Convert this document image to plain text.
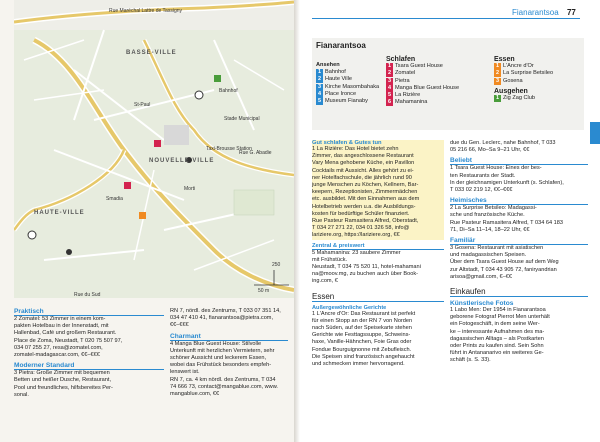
BASSE-VILLE
NOUVELLE VILLE
HAUTE-VILLE
St-Paul
Bahnhof
Stade Municipal
Rue du Sud
Rue Maréchal Lattre de Tassigny
Morti
Rue G. Abadie
Smadia
Taxi-Brousse Station
250
50 m
Praktisch
2 Zomatel: 53 Zimmer in einem kom-
pakten Hotelbau in der Innenstadt, mit
Hallenbad, Café und großem Restaurant.
Place de Zoma, Neustadt, T 020 75 507 97,
034 07 255 27, resa@zomatel.com,
zomatel-madagascar.com, €€–€€€
Moderner Standard
3 Pietra: Große Zimmer mit bequemen
Betten und heißer Dusche, Restaurant,
Pool und freundliches, hilfsbereites Per-
sonal.
RN 7, nördl. des Zentrums, T 033 07 351 14,
034 47 410 41, fianarantsoa@pietra.com,
€€–€€€
Charmant
4 Manga Blue Guest House: Stilvolle
Unterkunft mit herzlichen Vermietern, sehr
schöner Aussicht und leckerem Essen,
wobei das Frühstück besonders empfeh-
lenswert ist.
RN 7, ca. 4 km nördl. des Zentrums, T 034
74 666 73, contact@mangablue.com, www.
mangablue.com, €€
Fianarantsoa 77
Fianarantsoa
Ansehen
1 Bahnhof
2 Haute Ville
3 Kirche Masombahaka
4 Place Ironce
5 Museum Fianaby
Schlafen
1 Tsara Guest House
2 Zomatel
3 Pietra
4 Manga Blue Guest House
5 La Rizière
6 Mahamanina
Essen
1 L'Ancre d'Or
2 La Surprise Betsileo
3 Gosena
Ausgehen
1 Zig Zag Club
Gut schlafen & Gutes tun
1 La Rizière: Das Hotel bietet zehn
Zimmer, das angeschlossene Restaurant
Vary Mena gehobene Küche, ein Pavillon
Cocktails mit Aussicht. Alles gehört zu ei-
ner Hotelfachschule, die jährlich rund 90
junge Menschen zu Köchen, Kellnern, Bar-
keepern, Rezeptionisten, Zimmermädchen
etc. ausbildet. Mit den Einnahmen aus dem
Hotelbetrieb werden u.a. die Ausbildungs-
kosten für bedürftige Schüler finanziert.
Rue Pasteur Ramasitera Alfred, Oberstadt,
T 034 27 271 22, 034 01 326 58, info@
lariziere.org, https://lariziere.org, €€
Zentral & preiswert
5 Mahamanina: 23 saubere Zimmer
mit Frühstück.
Neustadt, T 034 75 520 11, hotel-mahamani
na@moov.mg, zu buchen auch über Book-
ing.com, €
Essen
Außergewöhnliche Gerichte
1 L'Ancre d'Or: Das Restaurant ist perfekt
für einen Stopp an der RN 7 von Norden
nach Süden, auf der Speisekarte stehen
Gerichte wie Festtagssuppe, Schweins-
haxe, Vanille-Hähnchen, Foie Gras oder
Fondue Bourguignonne mit Zebufleisch.
Die Speisen sind französisch angehaucht
und schmecken immer hervorragend.
due du Gen. Leclerc, nahe Bahnhof, T 033
05 216 66, Mo–Sa 9–21 Uhr, €€
Beliebt
1 Tsara Guest House: Eines der bes-
ten Restaurants der Stadt.
In der gleichnamigen Unterkunft (s. Schlafen),
T 033 02 219 12, €€–€€€
Heimisches
2 La Surprise Betsileo: Madagassi-
sche und französische Küche.
Rue Pasteur Ramasitera Alfred, T 034 64 183
71, Di–Sa 11–14, 18–22 Uhr, €€
Familiär
3 Gosena: Restaurant mit asiatischen
und madagassischen Speisen.
Über dem Tsara Guest House auf dem Weg
zur Altstadt, T 034 43 905 72, faniryandrian
arisoa@gmail.com, €–€€
Einkaufen
Künstlerische Fotos
1 Labo Men: Der 1954 in Fianarantsoa
geborene Fotograf Pierrot Men unterhält
ein Fotogeschäft, in dem seine Wer-
ke – interessante Aufnahmen des ma-
dagassischen Alltags – als Postkarten
oder Prints zu kaufen sind. Sein Sohn
führt in Antananarivo ein weiteres Ge-
schäft (s. S. 33).
